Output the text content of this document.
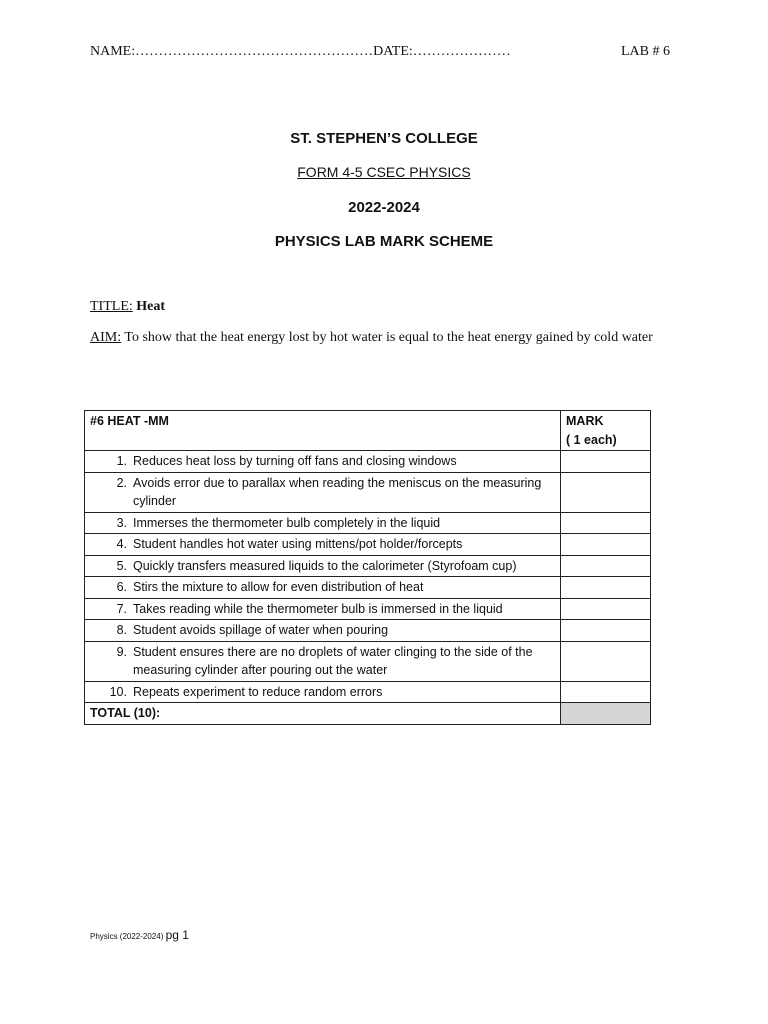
NAME:……………………………………………DATE:…………………	LAB # 6
ST. STEPHEN’S COLLEGE
FORM 4-5 CSEC PHYSICS
2022-2024
PHYSICS LAB MARK SCHEME
TITLE: Heat
AIM: To show that the heat energy lost by hot water is equal to the heat energy gained by cold water
#6 HEAT -MM	MARK
( 1 each)

1. Reduces heat loss by turning off fans and closing windows	
2. Avoids error due to parallax when reading the meniscus on the measuring cylinder	
3. Immerses the thermometer bulb completely in the liquid	
4. Student handles hot water using mittens/pot holder/forcepts	
5. Quickly transfers measured liquids to the calorimeter (Styrofoam cup)	
6. Stirs the mixture to allow for even distribution of heat	
7. Takes reading while the thermometer bulb is immersed in the liquid	
8. Student avoids spillage of water when pouring	
9. Student ensures there are no droplets of water clinging to the side of the measuring cylinder after pouring out the water	
10. Repeats experiment to reduce random errors	
TOTAL (10):	
Physics (2022-2024) pg 1
